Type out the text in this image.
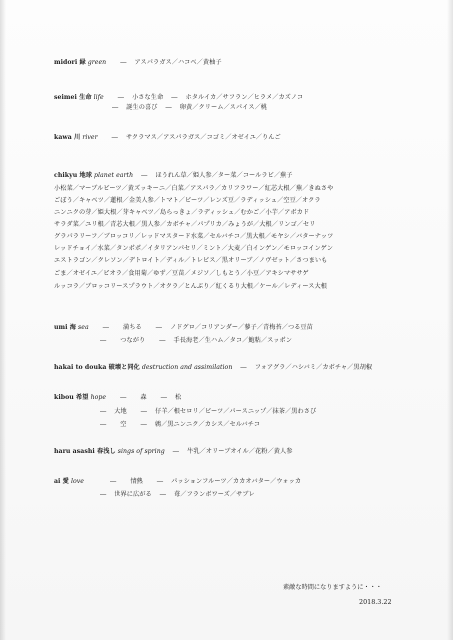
midori 緑 green ― アスパラガス／ハコベ／黄柚子
seimei 生命 life ― 小さな生命 ― ホタルイカ／サフラン／ヒラメ／カズノコ
― 誕生の喜び ― 卵黄／クリーム／スパイス／桃
kawa 川 river ― サクラマス／アスパラガス／コゴミ／オゼイユ／りんご
chikyu 地球 planet earth ― ほうれん草／姫人参／ター菜／コールラビ／蕪子
小松菜／マーブルビーツ／黄ズッキーニ／白菜／アスパラ／カリフラワー／紅芯大根／蕪／きぬさや
ごぼう／キャベツ／蓮根／金美人参／トマト／ビーツ／レンズ豆／ラディッシュ／空豆／オクラ
ニンニクの芽／姫大根／芽キャベツ／島らっきょ／ラディッシュ／むかご／小芋／アボカド
サラダ菜／ユリ根／青芯大根／黒人参／カボチャ／パプリカ／みょうが／大根／リンゴ／セリ
グラパラリーフ／ブロッコリ／レッドマスタード水菜／セルバチコ／黒大根／モヤシ／バターナッツ
レッドチョイ／水菜／タンポポ／イタリアンパセリ／ミント／大麦／白インゲン／モロッコインゲン
エストラゴン／クレソン／デトロイト／ディル／トレビス／黒オリーブ／ノヴゼット／さつまいも
ごま／オゼイユ／ピオラ／食用菊／ゆず／豆苗／メジソ／しもとう／小豆／アキシマササゲ
ルッコラ／ブロッコリースプラウト／オクラ／とんぶり／紅くるり大根／ケール／レディース大根
umi 海 sea ― 満ちる ― ノドグロ／コリアンダー／蓼子／青梅苔／つる豆苗
― つながり ― 手長海老／生ハム／タコ／鮑粘／スッポン
hakai to douka 破壊と同化 destruction and assimilation ― フォアグラ／ハシバミ／カボチャ／黒胡椒
kibou 希望 hope ― 森 ― 松
― 大地 ― 仔羊／根セロリ／ビーツ／パースニップ／抹茶／黒わさび
― 空 ― 鶉／黒ニンニク／カシス／セルバチコ
haru asashi 春浅し sings of spring ― 牛乳／オリーブオイル／花粉／黄人参
ai 愛 love	― 情熱 ― パッションフルーツ／カカオバター／ウォッカ
― 世界に広がる ― 苺／フランボワーズ／サブレ
素敵な時間になりますように・・・
2018.3.22
